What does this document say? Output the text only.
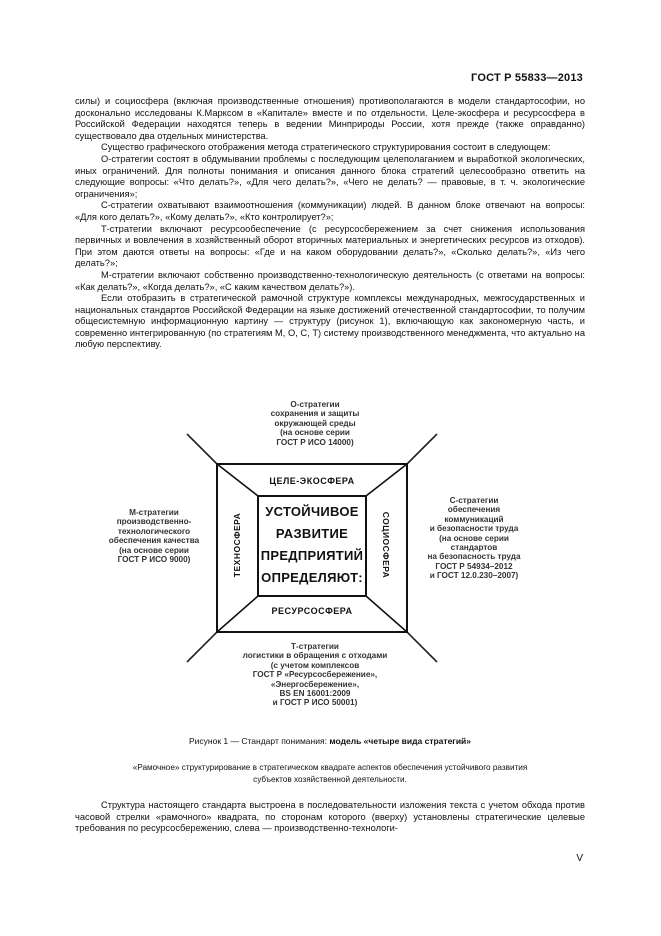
ГОСТ Р 55833—2013

силы) и социосфера (включая производственные отношения) противополагаются в модели стандартософии, но досконально исследованы К.Марксом в «Капитале» вместе и по отдельности. Целе-экосфера и ресурсосфера в Российской Федерации находятся теперь в ведении Минприроды России, хотя прежде (также оправданно) существовало два отдельных министерства.

Существо графического отображения метода стратегического структурирования состоит в следующем:

О-стратегии состоят в обдумывании проблемы с последующим целеполаганием и выработкой экологических, иных ограничений. Для полноты понимания и описания данного блока стратегий целесообразно ответить на следующие вопросы: «Что делать?», «Для чего делать?», «Чего не делать? — правовые, в т. ч. экологические ограничения»;

С-стратегии охватывают взаимоотношения (коммуникации) людей. В данном блоке отвечают на вопросы: «Для кого делать?», «Кому делать?», «Кто контролирует?»;

Т-стратегии включают ресурсообеспечение (с ресурсосбережением за счет снижения использования первичных и вовлечения в хозяйственный оборот вторичных материальных и энергетических ресурсов из отходов). При этом даются ответы на вопросы: «Где и на каком оборудовании делать?», «Сколько делать?», «Из чего делать?»;

М-стратегии включают собственно производственно-технологическую деятельность (с ответами на вопросы: «Как делать?», «Когда делать?», «С каким качеством делать?»).

Если отобразить в стратегической рамочной структуре комплексы международных, межгосударственных и национальных стандартов Российской Федерации на языке достижений отечественной стандартософии, то получим общесистемную информационную картину — структуру (рисунок 1), включающую как закономерную часть, и современно интегрированную (по стратегиям М, О, С, Т) систему производственного менеджмента, что актуально на любую перспективу.

О-стратегии
сохранения и защиты
окружающей среды
(на основе серии
ГОСТ Р ИСО 14000)
М-стратегии
производственно-
технологического
обеспечения качества
(на основе серии
ГОСТ Р ИСО 9000)
С-стратегии
обеспечения
коммуникаций
и безопасности труда
(на основе серии
стандартов
на безопасность труда
ГОСТ Р 54934–2012
и ГОСТ 12.0.230–2007)
Т-стратегии
логистики в обращения с отходами
(с учетом комплексов
ГОСТ Р «Ресурсосбережение»,
«Энергосбережение»,
BS EN 16001:2009
и ГОСТ Р ИСО 50001)
ЦЕЛЕ-ЭКОСФЕРА
РЕСУРСОСФЕРА
ТЕХНОСФЕРА	СОЦИОСФЕРА
УСТОЙЧИВОЕ
РАЗВИТИЕ
ПРЕДПРИЯТИЙ
ОПРЕДЕЛЯЮТ:
Рисунок 1 — Стандарт понимания: модель «четыре вида стратегий»
«Рамочное» структурирование в стратегическом квадрате аспектов обеспечения устойчивого развития
субъектов хозяйственной деятельности.

Структура настоящего стандарта выстроена в последовательности изложения текста с учетом обхода против часовой стрелки «рамочного» квадрата, по сторонам которого (вверху) установлены стратегические целевые требования по ресурсосбережению, слева — производственно-технологи-

V
